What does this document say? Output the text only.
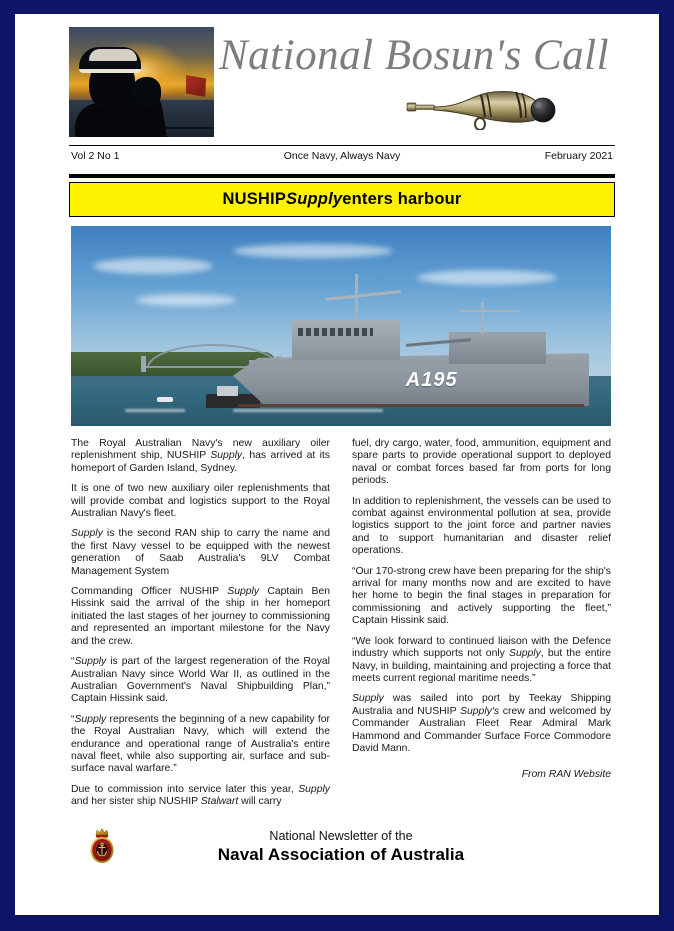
National Bosun's Call
Vol 2 No 1	Once Navy, Always Navy	February 2021
NUSHIP Supply enters harbour
A195

The Royal Australian Navy's new auxiliary oiler replenishment ship, NUSHIP Supply, has arrived at its homeport of Garden Island, Sydney.

It is one of two new auxiliary oiler replenishments that will provide combat and logistics support to the Royal Australian Navy's fleet.

Supply is the second RAN ship to carry the name and the first Navy vessel to be equipped with the newest generation of Saab Australia's 9LV Combat Management System

Commanding Officer NUSHIP Supply Captain Ben Hissink said the arrival of the ship in her homeport initiated the last stages of her journey to commissioning and represented an important milestone for the Navy and the crew.

“Supply is part of the largest regeneration of the Royal Australian Navy since World War II, as outlined in the Australian Government's Naval Shipbuilding Plan,” Captain Hissink said.

“Supply represents the beginning of a new capability for the Royal Australian Navy, which will extend the endurance and operational range of Australia's entire naval fleet, while also supporting air, surface and sub-surface naval warfare.”

Due to commission into service later this year, Supply and her sister ship NUSHIP Stalwart will carry

fuel, dry cargo, water, food, ammunition, equipment and spare parts to provide operational support to deployed naval or combat forces based far from ports for long periods.

In addition to replenishment, the vessels can be used to combat against environmental pollution at sea, provide logistics support to the joint force and partner navies and to support humanitarian and disaster relief operations.

“Our 170-strong crew have been preparing for the ship's arrival for many months now and are excited to have her home to begin the final stages in preparation for commissioning and actively supporting the fleet,” Captain Hissink said.

“We look forward to continued liaison with the Defence industry which supports not only Supply, but the entire Navy, in building, maintaining and projecting a force that meets current regional maritime needs.”

Supply was sailed into port by Teekay Shipping Australia and NUSHIP Supply's crew and welcomed by Commander Australian Fleet Rear Admiral Mark Hammond and Commander Surface Force Commodore David Mann.

From RAN Website

National Newsletter of the
Naval Association of Australia
